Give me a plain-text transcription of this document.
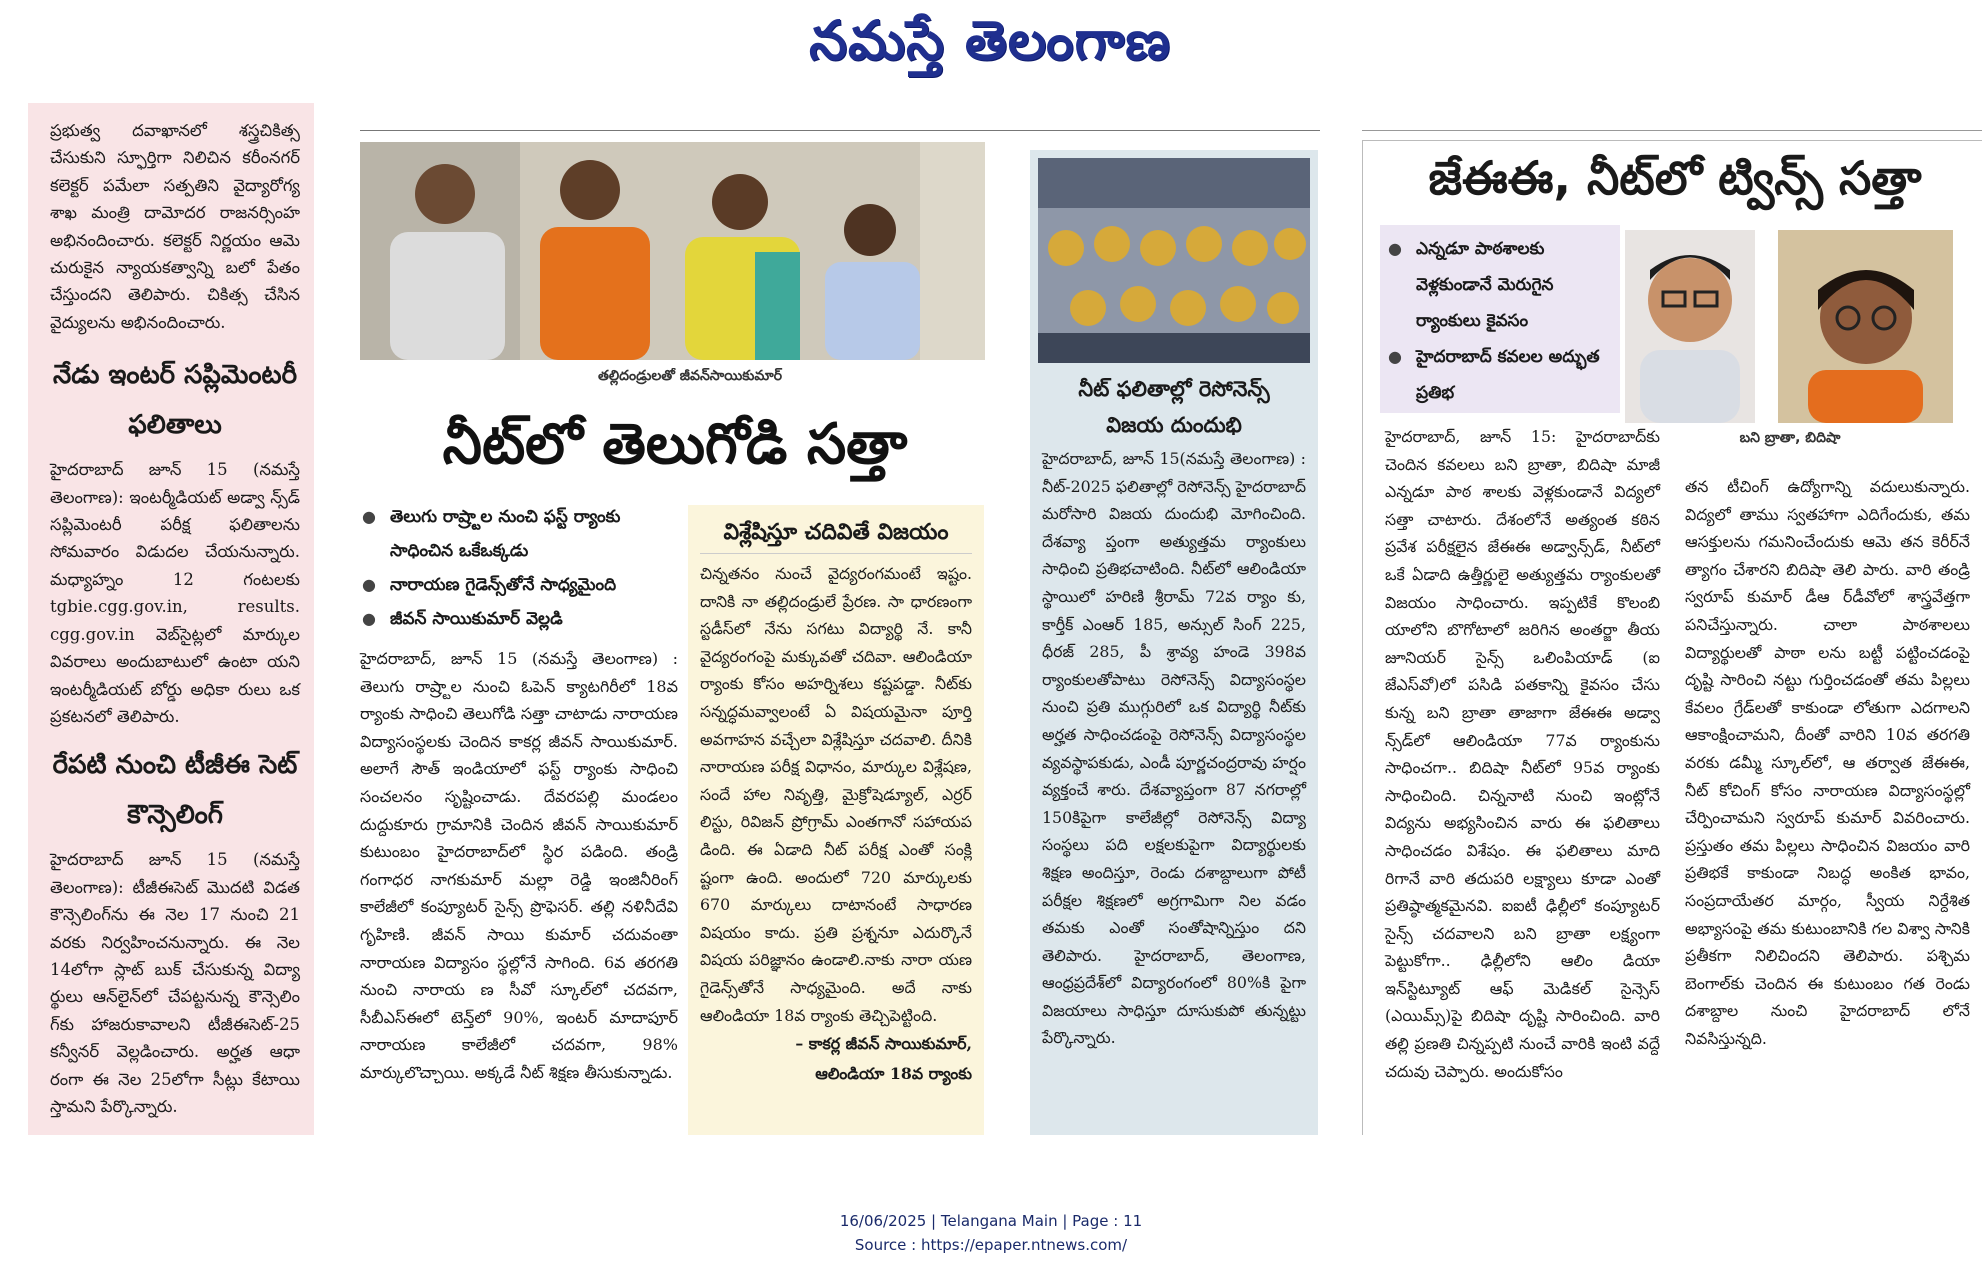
నమస్తే తెలంగాణ

ప్రభుత్వ దవాఖానలో శస్త్రచికిత్స చేసుకుని స్ఫూర్తిగా నిలిచిన కరీంనగర్ కలెక్టర్ పమేలా సత్పతిని వైద్యారోగ్య శాఖ మంత్రి దామోదర రాజనర్సింహ అభినందించారు. కలెక్టర్ నిర్ణయం ఆమె చురుకైన న్యాయకత్వాన్ని బలో పేతం చేస్తుందని తెలిపారు. చికిత్స చేసిన వైద్యులను అభినందించారు.

నేడు ఇంటర్ సప్లిమెంటరీ ఫలితాలు

హైదరాబాద్ జూన్ 15 (నమస్తే తెలంగాణ): ఇంటర్మీడియట్ అడ్వా న్స్‌డ్ సప్లిమెంటరీ పరీక్ష ఫలితాలను సోమవారం విడుదల చేయనున్నారు. మధ్యాహ్నం 12 గంటలకు tgbie.cgg.gov.in, results. cgg.gov.in వెబ్‌సైట్లలో మార్కుల వివరాలు అందుబాటులో ఉంటా యని ఇంటర్మీడియట్ బోర్డు అధికా రులు ఒక ప్రకటనలో తెలిపారు.

రేపటి నుంచి టీజీఈ సెట్ కౌన్సెలింగ్

హైదరాబాద్ జూన్ 15 (నమస్తే తెలంగాణ): టీజీఈసెట్ మొదటి విడత కౌన్సెలింగ్‌ను ఈ నెల 17 నుంచి 21 వరకు నిర్వహించనున్నారు. ఈ నెల 14లోగా స్లాట్ బుక్ చేసుకున్న విద్యా ర్థులు ఆన్‌లైన్‌లో చేపట్టనున్న కౌన్సెలిం గ్‌కు హాజరుకావాలని టీజీఈసెట్-25 కన్వీనర్ వెల్లడించారు. అర్హత ఆధా రంగా ఈ నెల 25లోగా సీట్లు కేటాయి స్తామని పేర్కొన్నారు.

తల్లిదండ్రులతో జీవన్‌సాయికుమార్
నీట్‌లో తెలుగోడి సత్తా
● తెలుగు రాష్ర్టాల నుంచి ఫస్ట్ ర్యాంకు సాధించిన ఒకేఒక్కడు
● నారాయణ గైడెన్స్‌తోనే సాధ్యమైంది
● జీవన్ సాయికుమార్ వెల్లడి

హైదరాబాద్, జూన్ 15 (నమస్తే తెలంగాణ) : తెలుగు రాష్ర్టాల నుంచి ఓపెన్ క్యాటగిరీలో 18వ ర్యాంకు సాధించి తెలుగోడి సత్తా చాటాడు నారాయణ విద్యాసంస్థలకు చెందిన కాకర్ల జీవన్ సాయికుమార్. అలాగే సౌత్ ఇండియాలో ఫస్ట్ ర్యాంకు సాధించి సంచలనం సృష్టించాడు. దేవరపల్లి మండలం దుద్దుకూరు గ్రామానికి చెందిన జీవన్ సాయికుమార్ కుటుంబం హైదరాబాద్‌లో స్థిర పడింది. తండ్రి గంగాధర నాగకుమార్ మల్లా రెడ్డి ఇంజినీరింగ్ కాలేజీలో కంప్యూటర్ సైన్స్ ప్రొఫెసర్. తల్లి నళినీదేవి గృహిణి. జీవన్ సాయి కుమార్ చదువంతా నారాయణ విద్యాసం స్థల్లోనే సాగింది. 6వ తరగతి నుంచి నారాయ ణ సీవో స్కూల్‌లో చదవగా, సీబీఎస్‌ఈలో టెన్త్‌లో 90%, ఇంటర్ మాదాపూర్ నారాయణ కాలేజీలో చదవగా, 98% మార్కులొచ్చాయి. అక్కడే నీట్ శిక్షణ తీసుకున్నాడు.

విశ్లేషిస్తూ చదివితే విజయం

చిన్నతనం నుంచే వైద్యరంగమంటే ఇష్టం. దానికి నా తల్లిదండ్రులే ప్రేరణ. సా ధారణంగా స్టడీస్‌లో నేను సగటు విద్యార్థి నే. కానీ వైద్యరంగంపై మక్కువతో చదివా. ఆలిండియా ర్యాంకు కోసం అహర్నిశలు కష్టపడ్డా. నీట్‌కు సన్నద్ధమవ్వాలంటే ఏ విషయమైనా పూర్తి అవగాహన వచ్చేలా విశ్లేషిస్తూ చదవాలి. దీనికి నారాయణ పరీక్ష విధానం, మార్కుల విశ్లేషణ, సందే హాల నివృత్తి, మైక్రోషెడ్యూల్, ఎర్రర్ లిస్టు, రివిజన్ ప్రోగ్రామ్ ఎంతగానో సహాయప డింది. ఈ ఏడాది నీట్ పరీక్ష ఎంతో సంక్లి ష్టంగా ఉంది. అందులో 720 మార్కులకు 670 మార్కులు దాటానంటే సాధారణ విషయం కాదు. ప్రతి ప్రశ్ననూ ఎదుర్కొనే విషయ పరిజ్ఞానం ఉండాలి.నాకు నారా యణ గైడెన్స్‌తోనే సాధ్యమైంది. అదే నాకు ఆలిండియా 18వ ర్యాంకు తెచ్చిపెట్టింది.

– కాకర్ల జీవన్ సాయికుమార్,
ఆలిండియా 18వ ర్యాంకు
నీట్ ఫలితాల్లో రెసోనెన్స్
విజయ దుందుభి

హైదరాబాద్, జూన్ 15(నమస్తే తెలంగాణ) : నీట్-2025 ఫలితాల్లో రెసోనెన్స్ హైదరాబాద్ మరోసారి విజయ దుందుభి మోగించింది. దేశవ్యా ప్తంగా అత్యుత్తమ ర్యాంకులు సాధించి ప్రతిభచాటింది. నీట్‌లో ఆలిండియా స్థాయిలో హరిణి శ్రీరామ్ 72వ ర్యాం కు, కార్తీక్ ఎంఆర్ 185, అన్సుల్ సింగ్ 225, ధీరజ్ 285, పీ శ్రావ్య హండె 398వ ర్యాంకులతోపాటు రెసోనెన్స్ విద్యాసంస్థల నుంచి ప్రతి ముగ్గురిలో ఒక విద్యార్థి నీట్‌కు అర్హత సాధించడంపై రెసోనెన్స్ విద్యాసంస్థల వ్యవస్థాపకుడు, ఎండీ పూర్ణచంద్రరావు హర్షం వ్యక్తంచే శారు. దేశవ్యాప్తంగా 87 నగరాల్లో 150కిపైగా కాలేజీల్లో రెసోనెన్స్ విద్యా సంస్థలు పది లక్షలకుపైగా విద్యార్థులకు శిక్షణ అందిస్తూ, రెండు దశాబ్దాలుగా పోటీ పరీక్షల శిక్షణలో అగ్రగామిగా నిల వడం తమకు ఎంతో సంతోషాన్నిస్తుం దని తెలిపారు. హైదరాబాద్, తెలంగాణ, ఆంధ్రప్రదేశ్‌లో విద్యారంగంలో 80%కి పైగా విజయాలు సాధిస్తూ దూసుకుపో తున్నట్టు పేర్కొన్నారు.

జేఈఈ, నీట్‌లో ట్విన్స్ సత్తా
● ఎన్నడూ పాఠశాలకు వెళ్లకుండానే మెరుగైన ర్యాంకులు కైవసం
● హైదరాబాద్ కవలల అద్భుత ప్రతిభ
బని బ్రాతా, బిదిషా

హైదరాబాద్, జూన్ 15: హైదరాబాద్‌కు చెందిన కవలలు బని బ్రాతా, బిదిషా మాజీ ఎన్నడూ పాఠ శాలకు వెళ్లకుండానే విద్యలో సత్తా చాటారు. దేశంలోనే అత్యంత కఠిన ప్రవేశ పరీక్షలైన జేఈఈ అడ్వాన్స్‌డ్, నీట్‌లో ఒకే ఏడాది ఉత్తీర్ణులై అత్యుత్తమ ర్యాంకులతో విజయం సాధించారు. ఇప్పటికే కొలంబి యాలోని బొగోటాలో జరిగిన అంతర్జా తీయ జూనియర్ సైన్స్ ఒలింపియాడ్ (ఐ జేఎస్‌వో)లో పసిడి పతకాన్ని కైవసం చేసు కున్న బని బ్రాతా తాజాగా జేఈఈ అడ్వా న్స్‌డ్‌లో ఆలిండియా 77వ ర్యాంకును సాధించగా.. బిదిషా నీట్‌లో 95వ ర్యాంకు సాధించింది. చిన్ననాటి నుంచి ఇంట్లోనే విద్యను అభ్యసించిన వారు ఈ ఫలితాలు సాధించడం విశేషం. ఈ ఫలితాలు మాది రిగానే వారి తదుపరి లక్ష్యాలు కూడా ఎంతో ప్రతిష్ఠాత్మకమైనవి. ఐఐటీ ఢిల్లీలో కంప్యూటర్ సైన్స్ చదవాలని బని బ్రాతా లక్ష్యంగా పెట్టుకోగా.. ఢిల్లీలోని ఆలిం డియా ఇన్‌స్టిట్యూట్ ఆఫ్ మెడికల్ సైన్సెస్ (ఎయిమ్స్)పై బిదిషా దృష్టి సారించింది. వారి తల్లి ప్రణతి చిన్నప్పటి నుంచే వారికి ఇంటి వద్దే చదువు చెప్పారు. అందుకోసం

తన టీచింగ్ ఉద్యోగాన్ని వదులుకున్నారు. విద్యలో తాము స్వతహాగా ఎదిగేందుకు, తమ ఆసక్తులను గమనించేందుకు ఆమె తన కెరీర్‌నే త్యాగం చేశారని బిదిషా తెలి పారు. వారి తండ్రి స్వరూప్ కుమార్ డీఆ ర్‌డీవోలో శాస్త్రవేత్తగా పనిచేస్తున్నారు. చాలా పాఠశాలలు విద్యార్థులతో పాఠా లను బట్టీ పట్టించడంపై దృష్టి సారించి నట్టు గుర్తించడంతో తమ పిల్లలు కేవలం గ్రేడ్‌లతో కాకుండా లోతుగా ఎదగాలని ఆకాంక్షించామని, దీంతో వారిని 10వ తరగతి వరకు డమ్మీ స్కూల్‌లో, ఆ తర్వాత జేఈఈ, నీట్ కోచింగ్ కోసం నారాయణ విద్యాసంస్థల్లో చేర్పించామని స్వరూప్ కుమార్ వివరించారు. ప్రస్తుతం తమ పిల్లలు సాధించిన విజయం వారి ప్రతిభకే కాకుండా నిబద్ధ అంకిత భావం, సంప్రదాయేతర మార్గం, స్వీయ నిర్దేశిత అభ్యాసంపై తమ కుటుంబానికి గల విశ్వా సానికి ప్రతీకగా నిలిచిందని తెలిపారు. పశ్చిమ బెంగాల్‌కు చెందిన ఈ కుటుంబం గత రెండు దశాబ్దాల నుంచి హైదరాబాద్ లోనే నివసిస్తున్నది.

16/06/2025 | Telangana Main | Page : 11
Source : https://epaper.ntnews.com/
